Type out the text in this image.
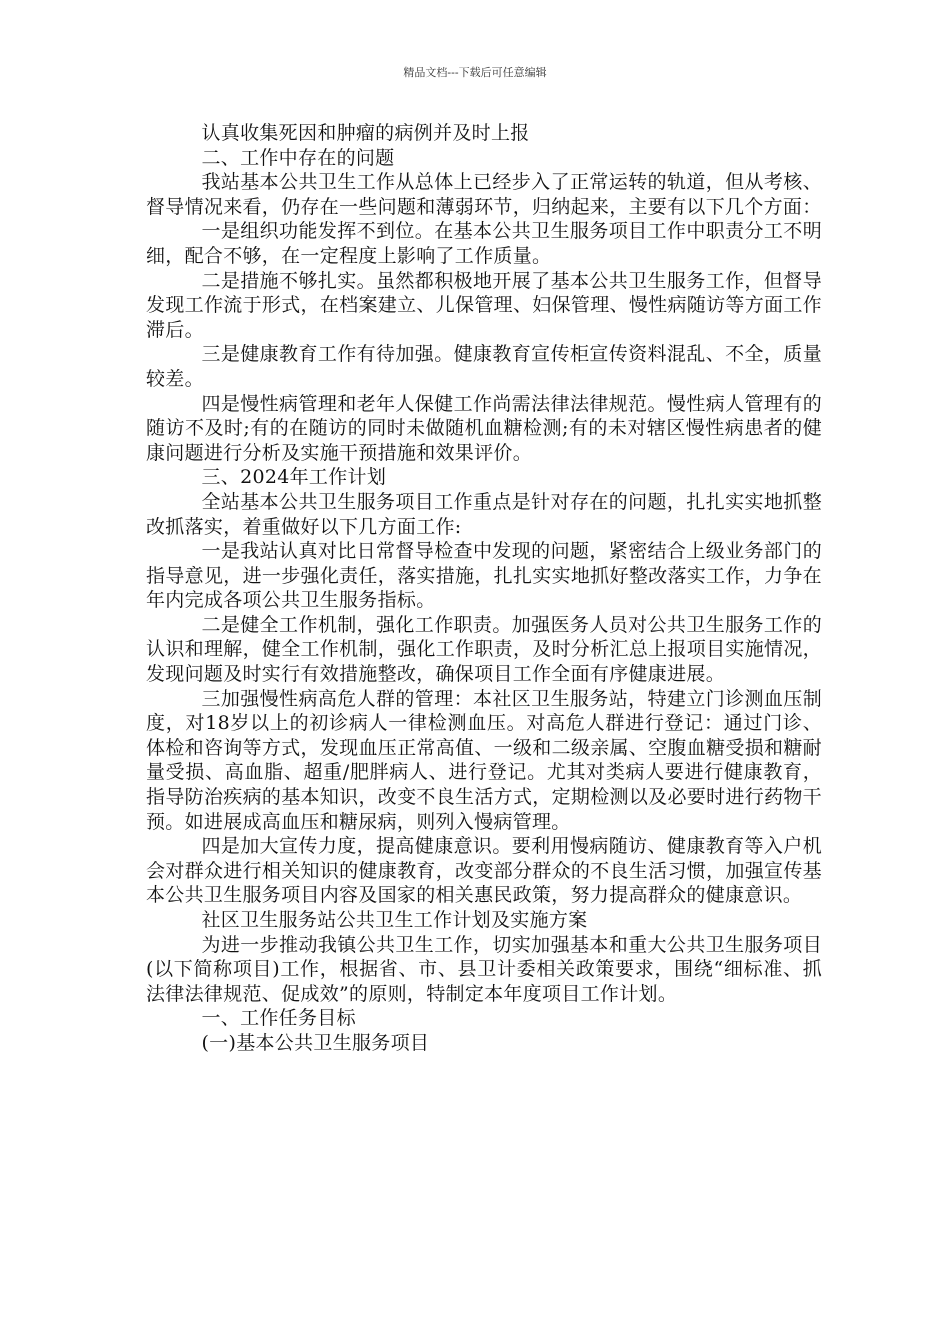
精品文档---下载后可任意编辑

认真收集死因和肿瘤的病例并及时上报

二、工作中存在的问题

我站基本公共卫生工作从总体上已经步入了正常运转的轨道，但从考核、督导情况来看，仍存在一些问题和薄弱环节，归纳起来，主要有以下几个方面：

一是组织功能发挥不到位。在基本公共卫生服务项目工作中职责分工不明细，配合不够，在一定程度上影响了工作质量。

二是措施不够扎实。虽然都积极地开展了基本公共卫生服务工作，但督导发现工作流于形式，在档案建立、儿保管理、妇保管理、慢性病随访等方面工作滞后。

三是健康教育工作有待加强。健康教育宣传柜宣传资料混乱、不全，质量较差。

四是慢性病管理和老年人保健工作尚需法律法律规范。慢性病人管理有的随访不及时;有的在随访的同时未做随机血糖检测;有的未对辖区慢性病患者的健康问题进行分析及实施干预措施和效果评价。

三、2024年工作计划

全站基本公共卫生服务项目工作重点是针对存在的问题，扎扎实实地抓整改抓落实，着重做好以下几方面工作:

一是我站认真对比日常督导检查中发现的问题，紧密结合上级业务部门的指导意见，进一步强化责任，落实措施，扎扎实实地抓好整改落实工作，力争在年内完成各项公共卫生服务指标。

二是健全工作机制，强化工作职责。加强医务人员对公共卫生服务工作的认识和理解，健全工作机制，强化工作职责，及时分析汇总上报项目实施情况，发现问题及时实行有效措施整改，确保项目工作全面有序健康进展。

三加强慢性病高危人群的管理：本社区卫生服务站，特建立门诊测血压制度，对18岁以上的初诊病人一律检测血压。对高危人群进行登记：通过门诊、体检和咨询等方式，发现血压正常高值、一级和二级亲属、空腹血糖受损和糖耐量受损、高血脂、超重/肥胖病人、进行登记。尤其对类病人要进行健康教育，指导防治疾病的基本知识，改变不良生活方式，定期检测以及必要时进行药物干预。如进展成高血压和糖尿病，则列入慢病管理。

四是加大宣传力度，提高健康意识。要利用慢病随访、健康教育等入户机会对群众进行相关知识的健康教育，改变部分群众的不良生活习惯，加强宣传基本公共卫生服务项目内容及国家的相关惠民政策，努力提高群众的健康意识。

社区卫生服务站公共卫生工作计划及实施方案

为进一步推动我镇公共卫生工作，切实加强基本和重大公共卫生服务项目(以下简称项目)工作，根据省、市、县卫计委相关政策要求，围绕“细标准、抓法律法律规范、促成效”的原则，特制定本年度项目工作计划。

一、工作任务目标

(一)基本公共卫生服务项目
